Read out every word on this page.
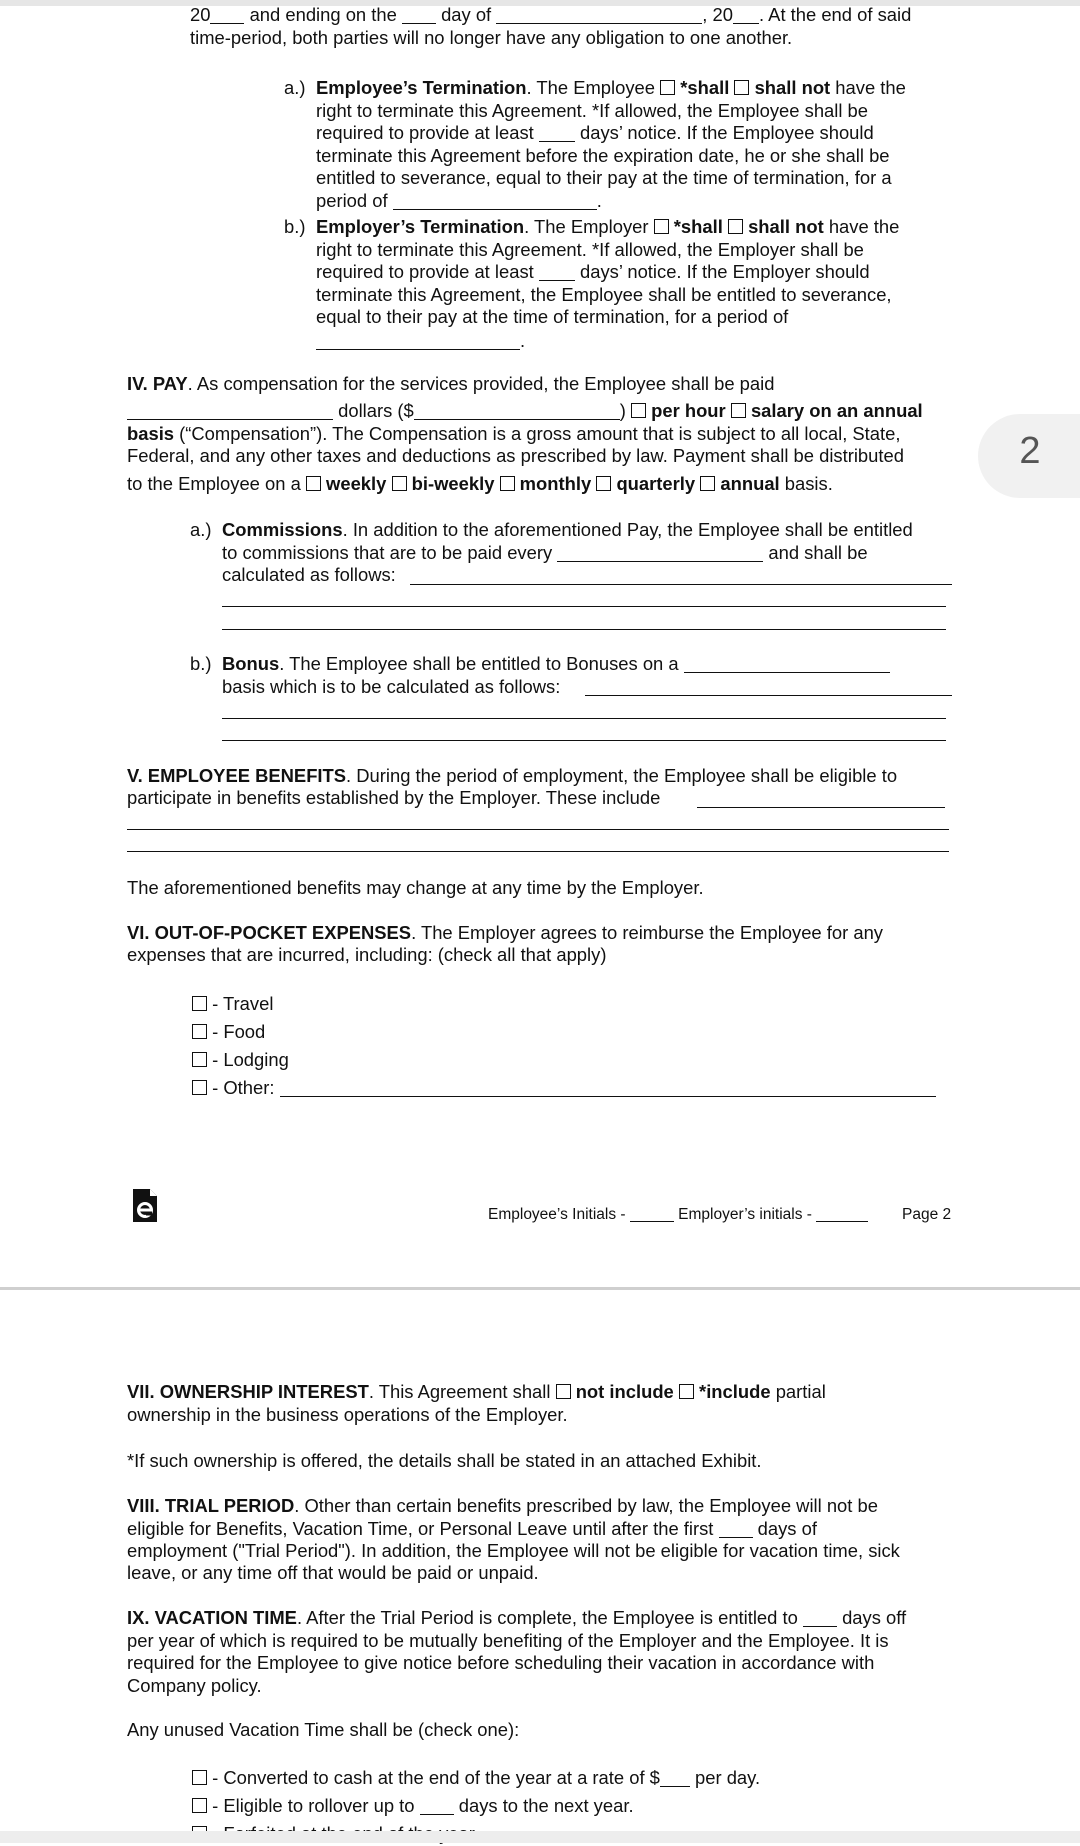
20 and ending on the  day of	, 20 . At the end of said
time-period, both parties will no longer have any obligation to one another.
a.) Employee’s Termination. The Employee  *shall shall not have the
right to terminate this Agreement. *If allowed, the Employee shall be
required to provide at least  days’ notice. If the Employee should
terminate this Agreement before the expiration date, he or she shall be
entitled to severance, equal to their pay at the time of termination, for a
period of	.
b.) Employer’s Termination. The Employer  *shall shall not have the
right to terminate this Agreement. *If allowed, the Employer shall be
required to provide at least  days’ notice. If the Employer should
terminate this Agreement, the Employee shall be entitled to severance,
equal to their pay at the time of termination, for a period of
.
IV. PAY. As compensation for the services provided, the Employee shall be paid
dollars ($	)  per hour salary on an annual
basis (“Compensation”). The Compensation is a gross amount that is subject to all local, State,
Federal, and any other taxes and deductions as prescribed by law. Payment shall be distributed
to the Employee on a  weekly bi-weekly monthly quarterly annual basis.
2
a.) Commissions. In addition to the aforementioned Pay, the Employee shall be entitled
to commissions that are to be paid every	and shall be
calculated as follows:
b.) Bonus. The Employee shall be entitled to Bonuses on a
basis which is to be calculated as follows:
V. EMPLOYEE BENEFITS. During the period of employment, the Employee shall be eligible to
participate in benefits established by the Employer. These include
The aforementioned benefits may change at any time by the Employer.
VI. OUT-OF-POCKET EXPENSES. The Employer agrees to reimburse the Employee for any
expenses that are incurred, including: (check all that apply)
- Travel
- Food
- Lodging
- Other:
Employee’s Initials -	Employer’s initials -	Page 2
VII. OWNERSHIP INTEREST. This Agreement shall  not include *include partial
ownership in the business operations of the Employer.
*If such ownership is offered, the details shall be stated in an attached Exhibit.
VIII. TRIAL PERIOD. Other than certain benefits prescribed by law, the Employee will not be
eligible for Benefits, Vacation Time, or Personal Leave until after the first  days of
employment ("Trial Period"). In addition, the Employee will not be eligible for vacation time, sick
leave, or any time off that would be paid or unpaid.
IX. VACATION TIME. After the Trial Period is complete, the Employee is entitled to  days off
per year of which is required to be mutually benefiting of the Employer and the Employee. It is
required for the Employee to give notice before scheduling their vacation in accordance with
Company policy.
Any unused Vacation Time shall be (check one):
- Converted to cash at the end of the year at a rate of $ per day.
- Eligible to rollover up to  days to the next year.
